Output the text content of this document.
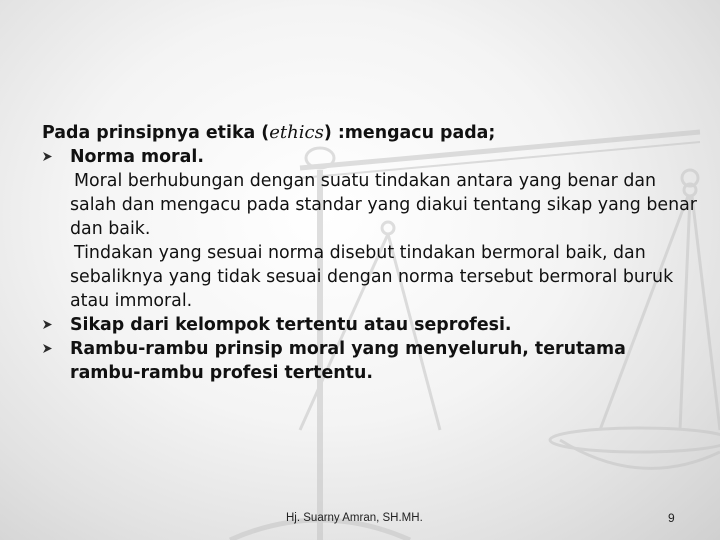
Pada prinsipnya etika (ethics) :mengacu pada;
Norma moral.
Moral berhubungan dengan suatu tindakan antara yang benar dan salah dan mengacu pada standar yang diakui tentang sikap yang benar dan baik.
Tindakan yang sesuai norma disebut tindakan bermoral baik, dan sebaliknya yang tidak sesuai dengan norma tersebut bermoral buruk atau immoral.
Sikap dari kelompok tertentu atau seprofesi.
Rambu-rambu prinsip moral yang menyeluruh, terutama rambu-rambu profesi tertentu.
Hj. Suarny Amran, SH.MH.	9
